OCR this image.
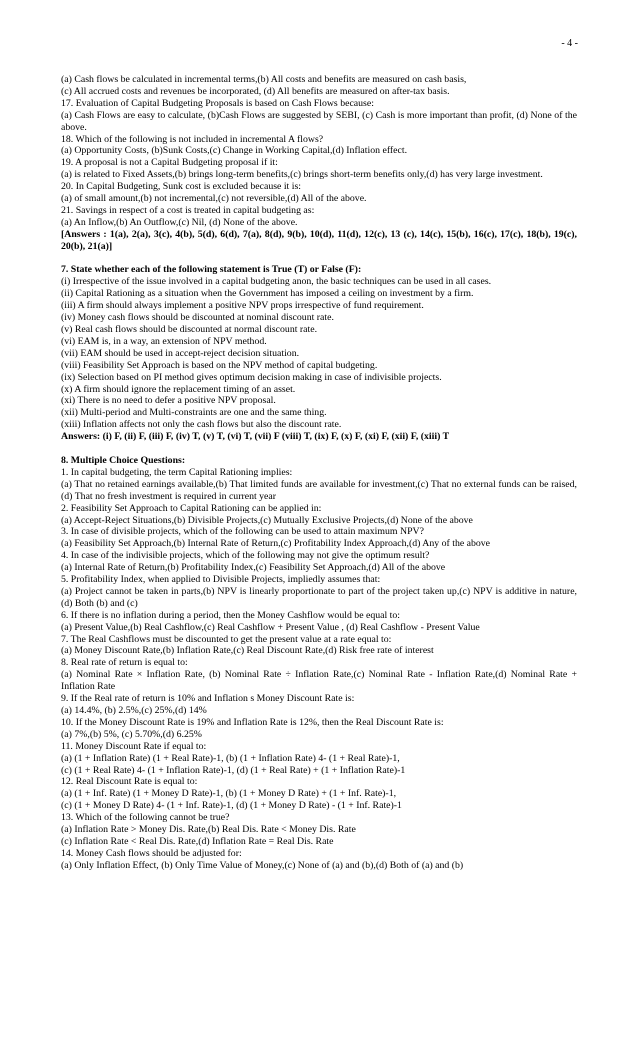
- 4 -
(a) Cash flows be calculated in incremental terms,(b) All costs and benefits are measured on cash basis,
(c) All accrued costs and revenues be incorporated, (d) All benefits are measured on after-tax basis.
17. Evaluation of Capital Budgeting Proposals is based on Cash Flows because:
(a) Cash Flows are easy to calculate, (b)Cash Flows are suggested by SEBI, (c) Cash is more important than profit, (d) None of the above.
18. Which of the following is not included in incremental A flows?
(a) Opportunity Costs, (b)Sunk Costs,(c) Change in Working Capital,(d) Inflation effect.
19. A proposal is not a Capital Budgeting proposal if it:
(a) is related to Fixed Assets,(b) brings long-term benefits,(c) brings short-term benefits only,(d) has very large investment.
20. In Capital Budgeting, Sunk cost is excluded because it is:
(a) of small amount,(b) not incremental,(c) not reversible,(d) All of the above.
21. Savings in respect of a cost is treated in capital budgeting as:
(a) An Inflow,(b) An Outflow,(c) Nil, (d) None of the above.
[Answers : 1(a), 2(a), 3(c), 4(b), 5(d), 6(d), 7(a), 8(d), 9(b), 10(d), 11(d), 12(c), 13 (c), 14(c), 15(b), 16(c), 17(c), 18(b), 19(c), 20(b), 21(a)]
7. State whether each of the following statement is True (T) or False (F):
(i) Irrespective of the issue involved in a capital budgeting anon, the basic techniques can be used in all cases.
(ii) Capital Rationing as a situation when the Government has imposed a ceiling on investment by a firm.
(iii) A firm should always implement a positive NPV props irrespective of fund requirement.
(iv) Money cash flows should be discounted at nominal discount rate.
(v) Real cash flows should be discounted at normal discount rate.
(vi) EAM is, in a way, an extension of NPV method.
(vii) EAM should be used in accept-reject decision situation.
(viii) Feasibility Set Approach is based on the NPV method of capital budgeting.
(ix) Selection based on PI method gives optimum decision making in case of indivisible projects.
(x) A firm should ignore the replacement timing of an asset.
(xi) There is no need to defer a positive NPV proposal.
(xii) Multi-period and Multi-constraints are one and the same thing.
(xiii) Inflation affects not only the cash flows but also the discount rate.
Answers: (i) F, (ii) F, (iii) F, (iv) T, (v) T, (vi) T, (vii) F (viii) T, (ix) F, (x) F, (xi) F, (xii) F, (xiii) T
8. Multiple Choice Questions:
1. In capital budgeting, the term Capital Rationing implies:
(a) That no retained earnings available,(b) That limited funds are available for investment,(c) That no external funds can be raised,(d) That no fresh investment is required in current year
2. Feasibility Set Approach to Capital Rationing can be applied in:
(a) Accept-Reject Situations,(b) Divisible Projects,(c) Mutually Exclusive Projects,(d) None of the above
3. In case of divisible projects, which of the following can be used to attain maximum NPV?
(a) Feasibility Set Approach,(b) Internal Rate of Return,(c) Profitability Index Approach,(d) Any of the above
4. In case of the indivisible projects, which of the following may not give the optimum result?
(a) Internal Rate of Return,(b) Profitability Index,(c) Feasibility Set Approach,(d) All of the above
5. Profitability Index, when applied to Divisible Projects, impliedly assumes that:
(a) Project cannot be taken in parts,(b) NPV is linearly proportionate to part of the project taken up,(c) NPV is additive in nature,(d) Both (b) and (c)
6. If there is no inflation during a period, then the Money Cashflow would be equal to:
(a) Present Value,(b) Real Cashflow,(c) Real Cashflow + Present Value , (d) Real Cashflow - Present Value
7. The Real Cashflows must be discounted to get the present value at a rate equal to:
(a) Money Discount Rate,(b) Inflation Rate,(c) Real Discount Rate,(d) Risk free rate of interest
8. Real rate of return is equal to:
(a) Nominal Rate × Inflation Rate, (b) Nominal Rate ÷ Inflation Rate,(c) Nominal Rate - Inflation Rate,(d) Nominal Rate + Inflation Rate
9. If the Real rate of return is 10% and Inflation s Money Discount Rate is:
(a) 14.4%, (b) 2.5%,(c) 25%,(d) 14%
10. If the Money Discount Rate is 19% and Inflation Rate is 12%, then the Real Discount Rate is:
(a) 7%,(b) 5%, (c) 5.70%,(d) 6.25%
11. Money Discount Rate if equal to:
(a) (1 + Inflation Rate) (1 + Real Rate)-1, (b) (1 + Inflation Rate) 4- (1 + Real Rate)-1,
(c) (1 + Real Rate) 4- (1 + Inflation Rate)-1, (d) (1 + Real Rate) + (1 + Inflation Rate)-1
12. Real Discount Rate is equal to:
(a) (1 + Inf. Rate) (1 + Money D Rate)-1, (b) (1 + Money D Rate) + (1 + Inf. Rate)-1,
(c) (1 + Money D Rate) 4- (1 + Inf. Rate)-1, (d) (1 + Money D Rate) - (1 + Inf. Rate)-1
13. Which of the following cannot be true?
(a) Inflation Rate > Money Dis. Rate,(b) Real Dis. Rate < Money Dis. Rate
(c) Inflation Rate < Real Dis. Rate,(d) Inflation Rate = Real Dis. Rate
14. Money Cash flows should be adjusted for:
(a) Only Inflation Effect, (b) Only Time Value of Money,(c) None of (a) and (b),(d) Both of (a) and (b)
